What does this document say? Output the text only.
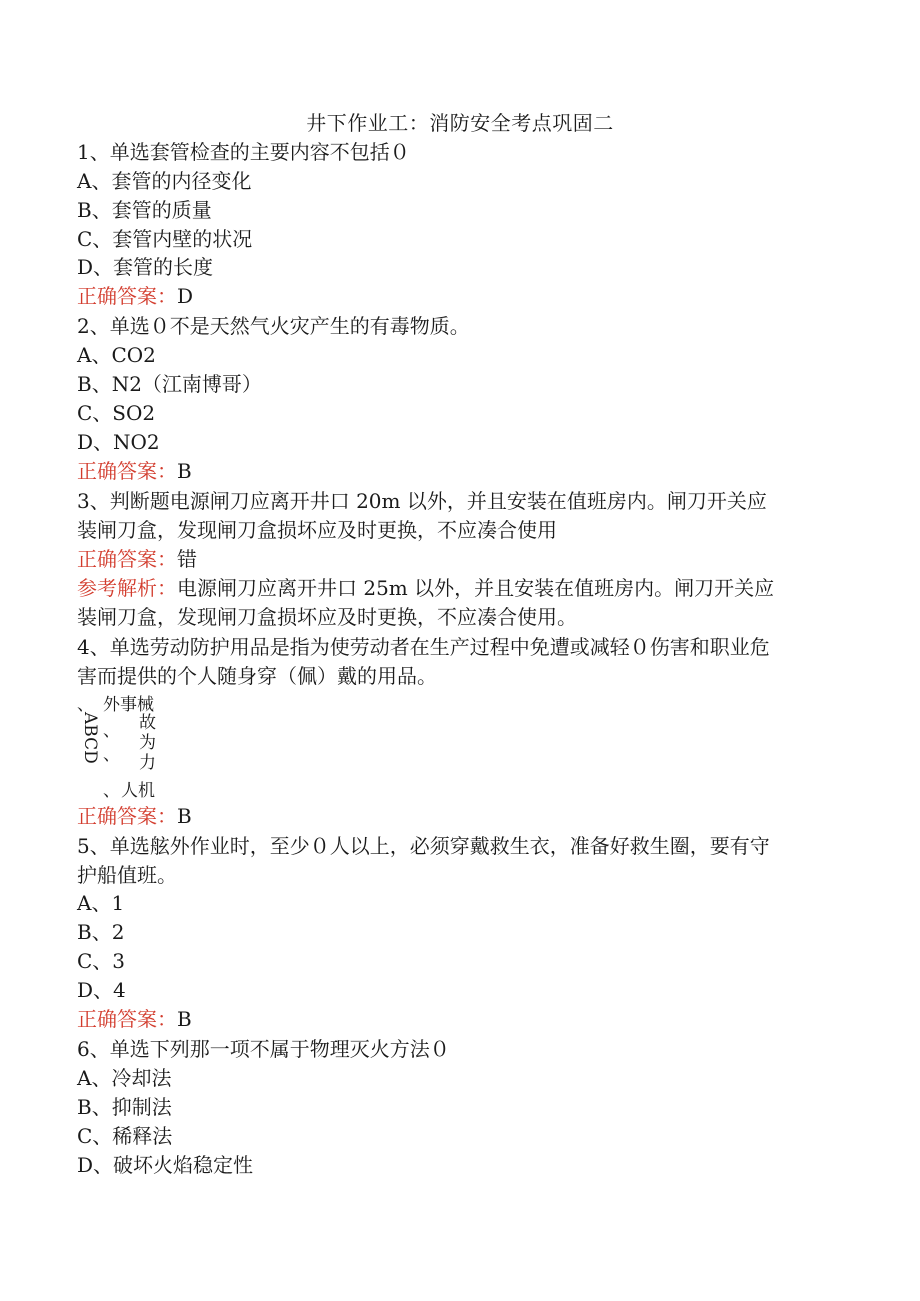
井下作业工：消防安全考点巩固二
1、单选套管检查的主要内容不包括０
A、套管的内径变化
B、套管的质量
C、套管内壁的状况
D、套管的长度
正确答案：D
2、单选０不是天然气火灾产生的有毒物质。
A、CO2
B、N2（江南博哥）
C、SO2
D、NO2
正确答案：B
3、判断题电源闸刀应离开井口 20m 以外，并且安装在值班房内。闸刀开关应
装闸刀盒，发现闸刀盒损坏应及时更换，不应凑合使用
正确答案：错
参考解析：电源闸刀应离开井口 25m 以外，并且安装在值班房内。闸刀开关应
装闸刀盒，发现闸刀盒损坏应及时更换，不应凑合使用。
4、单选劳动防护用品是指为使劳动者在生产过程中免遭或减轻０伤害和职业危
害而提供的个人随身穿（佩）戴的用品。
、 外事械
ABCD 、 故
为
、 力
、 人机
正确答案：B
5、单选舷外作业时，至少０人以上，必须穿戴救生衣，准备好救生圈，要有守
护船值班。
A、1
B、2
C、3
D、4
正确答案：B
6、单选下列那一项不属于物理灭火方法０
A、冷却法
B、抑制法
C、稀释法
D、破坏火焰稳定性
